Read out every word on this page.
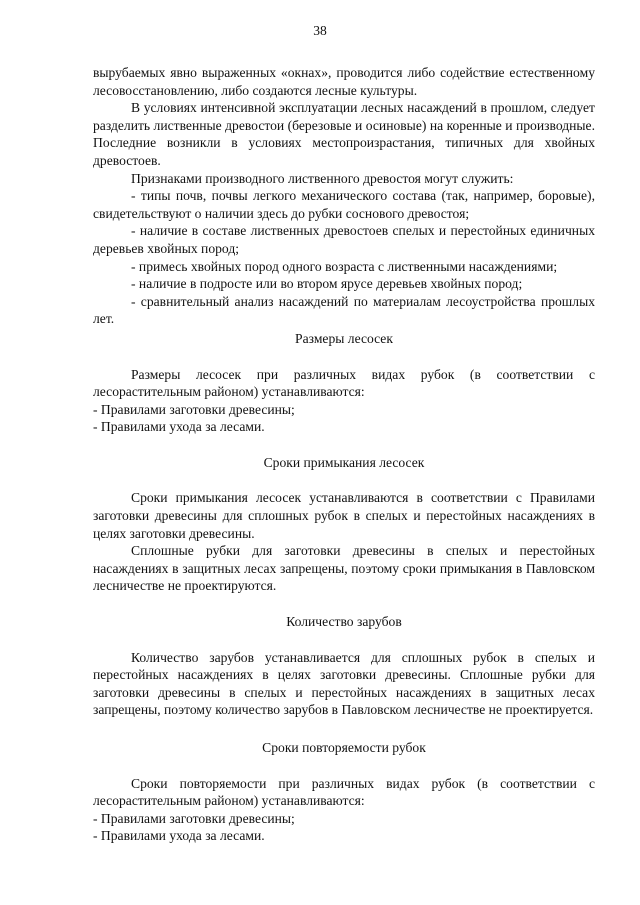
38

вырубаемых явно выраженных «окнах», проводится либо содействие естественному лесовосстановлению, либо создаются лесные культуры.

В условиях интенсивной эксплуатации лесных насаждений в прошлом, следует разделить лиственные древостои (березовые и осиновые) на коренные и производные. Последние возникли в условиях местопроизрастания, типичных для хвойных древостоев.

Признаками производного лиственного древостоя могут служить:

- типы почв, почвы легкого механического состава (так, например, боровые), свидетельствуют о наличии здесь до рубки соснового древостоя;

- наличие в составе лиственных древостоев спелых и перестойных единичных деревьев хвойных пород;

- примесь хвойных пород одного возраста с лиственными насаждениями;

- наличие в подросте или во втором ярусе деревьев хвойных пород;

- сравнительный анализ насаждений по материалам лесоустройства прошлых лет.

Размеры лесосек

Размеры лесосек при различных видах рубок (в соответствии с лесорастительным районом) устанавливаются:

- Правилами заготовки древесины;

- Правилами ухода за лесами.

Сроки примыкания лесосек

Сроки примыкания лесосек устанавливаются в соответствии с Правилами заготовки древесины для сплошных рубок в спелых и перестойных насаждениях в целях заготовки древесины.

Сплошные рубки для заготовки древесины в спелых и перестойных насаждениях в защитных лесах запрещены, поэтому сроки примыкания в Павловском лесничестве не проектируются.

Количество зарубов

Количество зарубов устанавливается для сплошных рубок в спелых и перестойных насаждениях в целях заготовки древесины. Сплошные рубки для заготовки древесины в спелых и перестойных насаждениях в защитных лесах запрещены, поэтому количество зарубов в Павловском лесничестве не проектируется.

Сроки повторяемости рубок

Сроки повторяемости при различных видах рубок (в соответствии с лесорастительным районом) устанавливаются:

- Правилами заготовки древесины;

- Правилами ухода за лесами.
